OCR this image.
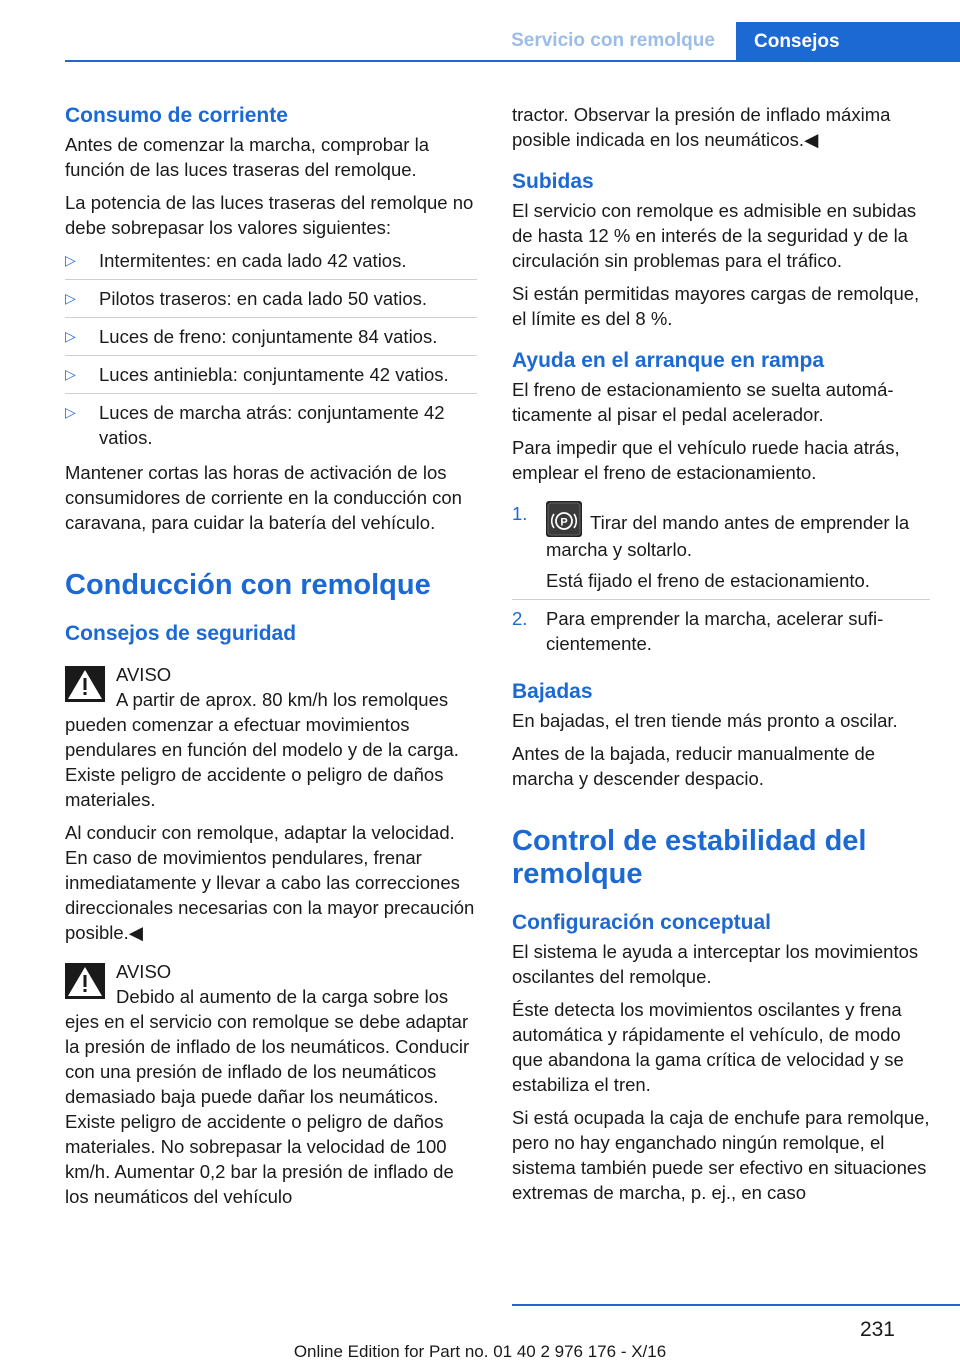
Servicio con remolque	Consejos
Consumo de corriente

Antes de comenzar la marcha, comprobar la función de las luces traseras del remolque.

La potencia de las luces traseras del remolque no debe sobrepasar los valores siguientes:

▷ Intermitentes: en cada lado 42 vatios.
▷ Pilotos traseros: en cada lado 50 vatios.
▷ Luces de freno: conjuntamente 84 vatios.
▷ Luces antiniebla: conjuntamente 42 vatios.
▷ Luces de marcha atrás: conjuntamente 42 vatios.

Mantener cortas las horas de activación de los consumidores de corriente en la conducción con caravana, para cuidar la batería del vehículo.

Conducción con remolque
Consejos de seguridad
AVISO
A partir de aprox. 80 km/h los remolques pueden comenzar a efectuar movimientos pendulares en función del modelo y de la carga. Existe peligro de accidente o peligro de daños materiales.

Al conducir con remolque, adaptar la velocidad. En caso de movimientos pendulares, frenar inmediatamente y llevar a cabo las correcciones direccionales necesarias con la mayor precaución posible.◀

AVISO
Debido al aumento de la carga sobre los ejes en el servicio con remolque se debe adaptar la presión de inflado de los neumáticos. Conducir con una presión de inflado de los neumáticos demasiado baja puede dañar los neumáticos. Existe peligro de accidente o peligro de daños materiales. No sobrepasar la velocidad de 100 km/h. Aumentar 0,2 bar la presión de inflado de los neumáticos del vehículo

tractor. Observar la presión de inflado máxima posible indicada en los neumáticos.◀

Subidas

El servicio con remolque es admisible en subidas de hasta 12 % en interés de la seguridad y de la circulación sin problemas para el tráfico.

Si están permitidas mayores cargas de remolque, el límite es del 8 %.

Ayuda en el arranque en rampa

El freno de estacionamiento se suelta automáticamente al pisar el pedal acelerador.

Para impedir que el vehículo ruede hacia atrás, emplear el freno de estacionamiento.

1.	P Tirar del mando antes de emprender la marcha y soltarlo.
Está fijado el freno de estacionamiento.
2. Para emprender la marcha, acelerar suficientemente.
Bajadas

En bajadas, el tren tiende más pronto a oscilar.

Antes de la bajada, reducir manualmente de marcha y descender despacio.

Control de estabilidad del remolque
Configuración conceptual

El sistema le ayuda a interceptar los movimientos oscilantes del remolque.

Éste detecta los movimientos oscilantes y frena automática y rápidamente el vehículo, de modo que abandona la gama crítica de velocidad y se estabiliza el tren.

Si está ocupada la caja de enchufe para remolque, pero no hay enganchado ningún remolque, el sistema también puede ser efectivo en situaciones extremas de marcha, p. ej., en caso

231
Online Edition for Part no. 01 40 2 976 176 - X/16
